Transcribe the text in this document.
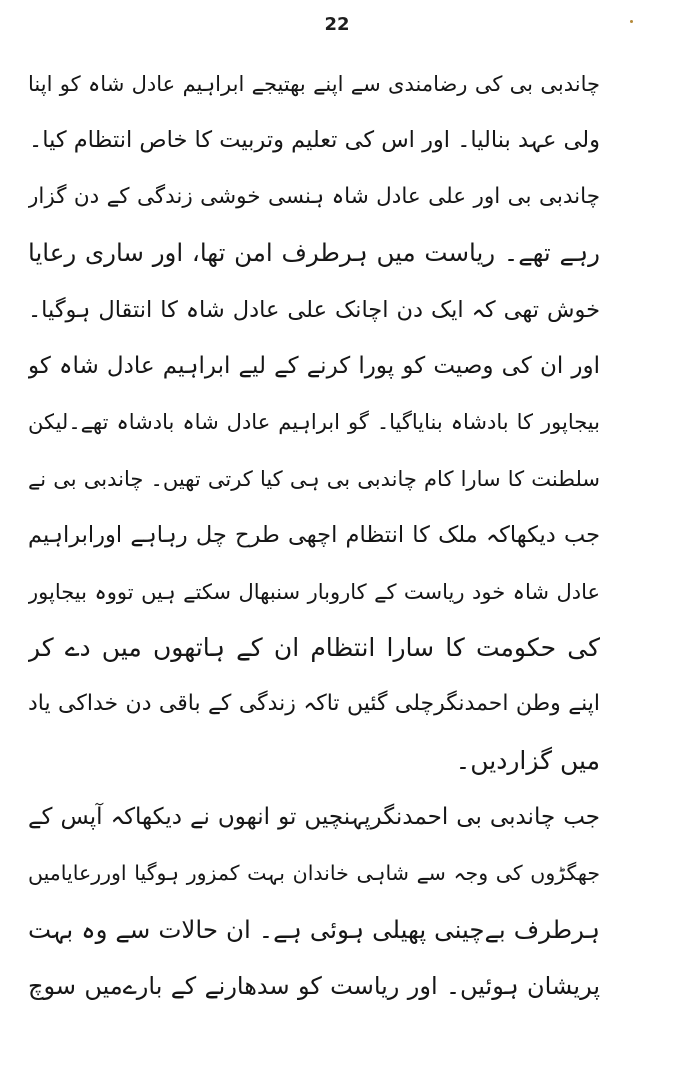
22
چاندبی بی کی رضامندی سے اپنے بھتیجے ابراہیم عادل شاہ کو اپنا
ولی عہد بنالیا۔ اور اس کی تعلیم وتربیت کا خاص انتظام کیا۔
چاندبی بی اور علی عادل شاہ ہنسی خوشی زندگی کے دن گزار
رہے تھے۔ ریاست میں ہرطرف امن تھا، اور ساری رعایا
خوش تھی کہ ایک دن اچانک علی عادل شاہ کا انتقال ہوگیا۔
اور ان کی وصیت کو پورا کرنے کے لیے ابراہیم عادل شاہ کو
بیجاپور کا بادشاہ بنایاگیا۔ گو ابراہیم عادل شاہ بادشاہ تھے۔لیکن
سلطنت کا سارا کام چاندبی بی ہی کیا کرتی تھیں۔ چاندبی بی نے
جب دیکھاکہ ملک کا انتظام اچھی طرح چل رہاہے اورابراہیم
عادل شاہ خود ریاست کے کاروبار سنبھال سکتے ہیں تووہ بیجاپور
کی حکومت کا سارا انتظام ان کے ہاتھوں میں دے کر
اپنے وطن احمدنگرچلی گئیں تاکہ زندگی کے باقی دن خداکی یاد
میں گزاردیں۔
جب چاندبی بی احمدنگرپہنچیں تو انھوں نے دیکھاکہ آپس کے
جھگڑوں کی وجہ سے شاہی خاندان بہت کمزور ہوگیا اوررعایامیں
ہرطرف بےچینی پھیلی ہوئی ہے۔ ان حالات سے وہ بہت
پریشان ہوئیں۔ اور ریاست کو سدھارنے کے بارےمیں سوچ
